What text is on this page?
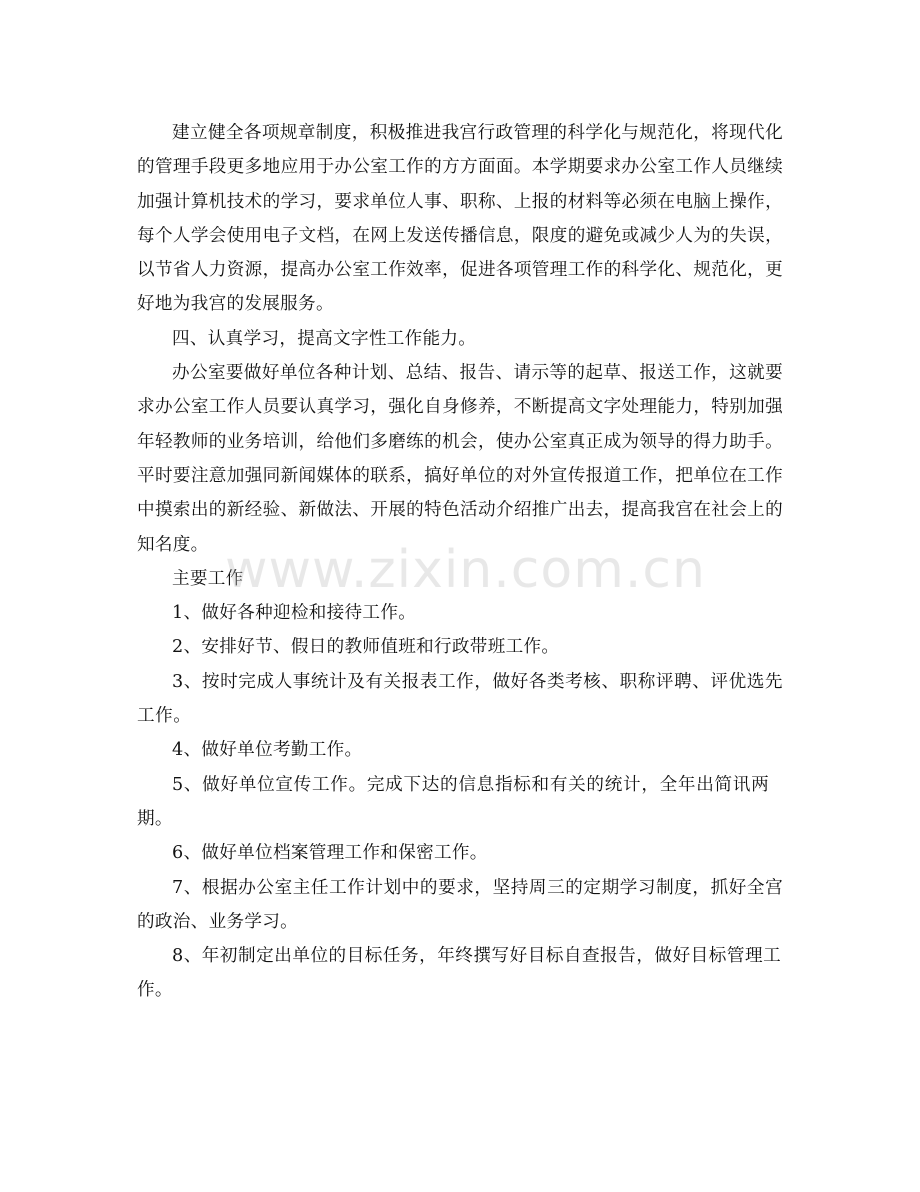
建立健全各项规章制度，积极推进我宫行政管理的科学化与规范化，将现代化的管理手段更多地应用于办公室工作的方方面面。本学期要求办公室工作人员继续加强计算机技术的学习，要求单位人事、职称、上报的材料等必须在电脑上操作，每个人学会使用电子文档，在网上发送传播信息，限度的避免或减少人为的失误，以节省人力资源，提高办公室工作效率，促进各项管理工作的科学化、规范化，更好地为我宫的发展服务。

四、认真学习，提高文字性工作能力。

办公室要做好单位各种计划、总结、报告、请示等的起草、报送工作，这就要求办公室工作人员要认真学习，强化自身修养，不断提高文字处理能力，特别加强年轻教师的业务培训，给他们多磨练的机会，使办公室真正成为领导的得力助手。平时要注意加强同新闻媒体的联系，搞好单位的对外宣传报道工作，把单位在工作中摸索出的新经验、新做法、开展的特色活动介绍推广出去，提高我宫在社会上的知名度。

主要工作

1、做好各种迎检和接待工作。

2、安排好节、假日的教师值班和行政带班工作。

3、按时完成人事统计及有关报表工作，做好各类考核、职称评聘、评优选先工作。

4、做好单位考勤工作。

5、做好单位宣传工作。完成下达的信息指标和有关的统计，全年出简讯两期。

6、做好单位档案管理工作和保密工作。

7、根据办公室主任工作计划中的要求，坚持周三的定期学习制度，抓好全宫的政治、业务学习。

8、年初制定出单位的目标任务，年终撰写好目标自查报告，做好目标管理工作。

www.zixin.com.cn
